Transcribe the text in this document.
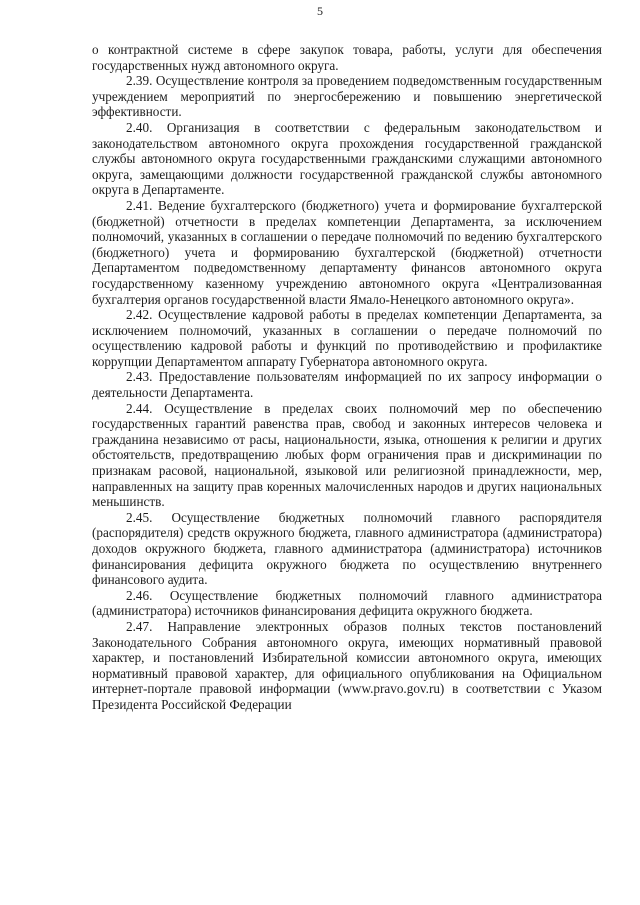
5

о контрактной системе в сфере закупок товара, работы, услуги для обеспечения государственных нужд автономного округа.

2.39. Осуществление контроля за проведением подведомственным государственным учреждением мероприятий по энергосбережению и повышению энергетической эффективности.

2.40. Организация в соответствии с федеральным законодательством и законодательством автономного округа прохождения государственной гражданской службы автономного округа государственными гражданскими служащими автономного округа, замещающими должности государственной гражданской службы автономного округа в Департаменте.

2.41. Ведение бухгалтерского (бюджетного) учета и формирование бухгалтерской (бюджетной) отчетности в пределах компетенции Департамента, за исключением полномочий, указанных в соглашении о передаче полномочий по ведению бухгалтерского (бюджетного) учета и формированию бухгалтерской (бюджетной) отчетности Департаментом подведомственному департаменту финансов автономного округа государственному казенному учреждению автономного округа «Централизованная бухгалтерия органов государственной власти Ямало-Ненецкого автономного округа».

2.42. Осуществление кадровой работы в пределах компетенции Департамента, за исключением полномочий, указанных в соглашении о передаче полномочий по осуществлению кадровой работы и функций по противодействию и профилактике коррупции Департаментом аппарату Губернатора автономного округа.

2.43. Предоставление пользователям информацией по их запросу информации о деятельности Департамента.

2.44. Осуществление в пределах своих полномочий мер по обеспечению государственных гарантий равенства прав, свобод и законных интересов человека и гражданина независимо от расы, национальности, языка, отношения к религии и других обстоятельств, предотвращению любых форм ограничения прав и дискриминации по признакам расовой, национальной, языковой или религиозной принадлежности, мер, направленных на защиту прав коренных малочисленных народов и других национальных меньшинств.

2.45. Осуществление бюджетных полномочий главного распорядителя (распорядителя) средств окружного бюджета, главного администратора (администратора) доходов окружного бюджета, главного администратора (администратора) источников финансирования дефицита окружного бюджета по осуществлению внутреннего финансового аудита.

2.46. Осуществление бюджетных полномочий главного администратора (администратора) источников финансирования дефицита окружного бюджета.

2.47. Направление электронных образов полных текстов постановлений Законодательного Собрания автономного округа, имеющих нормативный правовой характер, и постановлений Избирательной комиссии автономного округа, имеющих нормативный правовой характер, для официального опубликования на Официальном интернет-портале правовой информации (www.pravo.gov.ru) в соответствии с Указом Президента Российской Федерации
